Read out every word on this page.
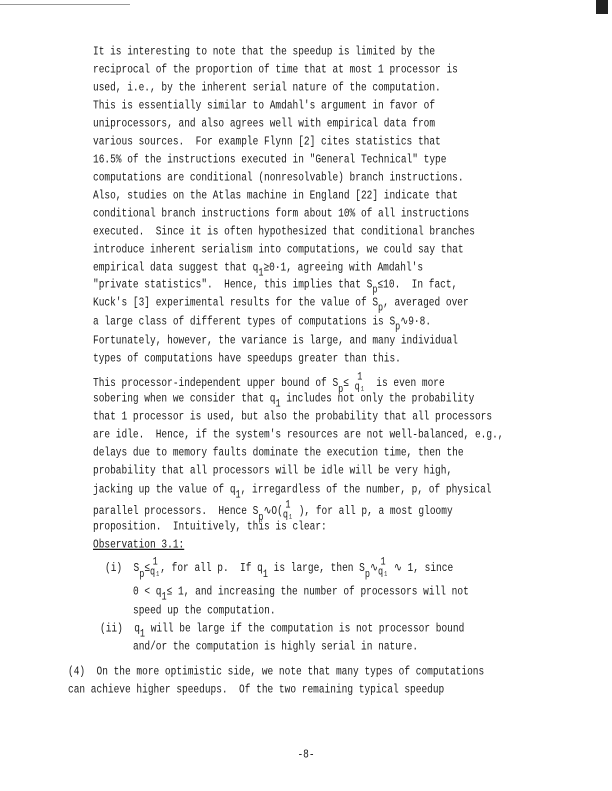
It is interesting to note that the speedup is limited by the
reciprocal of the proportion of time that at most 1 processor is
used, i.e., by the inherent serial nature of the computation.
This is essentially similar to Amdahl's argument in favor of
uniprocessors, and also agrees well with empirical data from
various sources.  For example Flynn [2] cites statistics that
16.5% of the instructions executed in "General Technical" type
computations are conditional (nonresolvable) branch instructions.
Also, studies on the Atlas machine in England [22] indicate that
conditional branch instructions form about 10% of all instructions
executed.  Since it is often hypothesized that conditional branches
introduce inherent serialism into computations, we could say that
empirical data suggest that q1≥0·1, agreeing with Amdahl's
"private statistics".  Hence, this implies that Sp≤10.  In fact,
Kuck's [3] experimental results for the value of Sp, averaged over
a large class of different types of computations is Sp∿9·8.
Fortunately, however, the variance is large, and many individual
types of computations have speedups greater than this.
This processor-independent upper bound of Sp≤ 1
q₁ is even more
sobering when we consider that q1 includes not only the probability
that 1 processor is used, but also the probability that all processors
are idle.  Hence, if the system's resources are not well-balanced, e.g.,
delays due to memory faults dominate the execution time, then the
probability that all processors will be idle will be very high,
jacking up the value of q1, irregardless of the number, p, of physical
parallel processors.  Hence Sp∿O( 1
q₁ ), for all p, a most gloomy
proposition.  Intuitively, this is clear:
Observation 3.1:
(i)  Sp≤ 1
q₁ , for all p.  If q1 is large, then Sp∿ 1
q₁ ∿ 1, since
0 < q1≤ 1, and increasing the number of processors will not
speed up the computation.
(ii)  q1 will be large if the computation is not processor bound
and/or the computation is highly serial in nature.
(4)  On the more optimistic side, we note that many types of computations
can achieve higher speedups.  Of the two remaining typical speedup
-8-
